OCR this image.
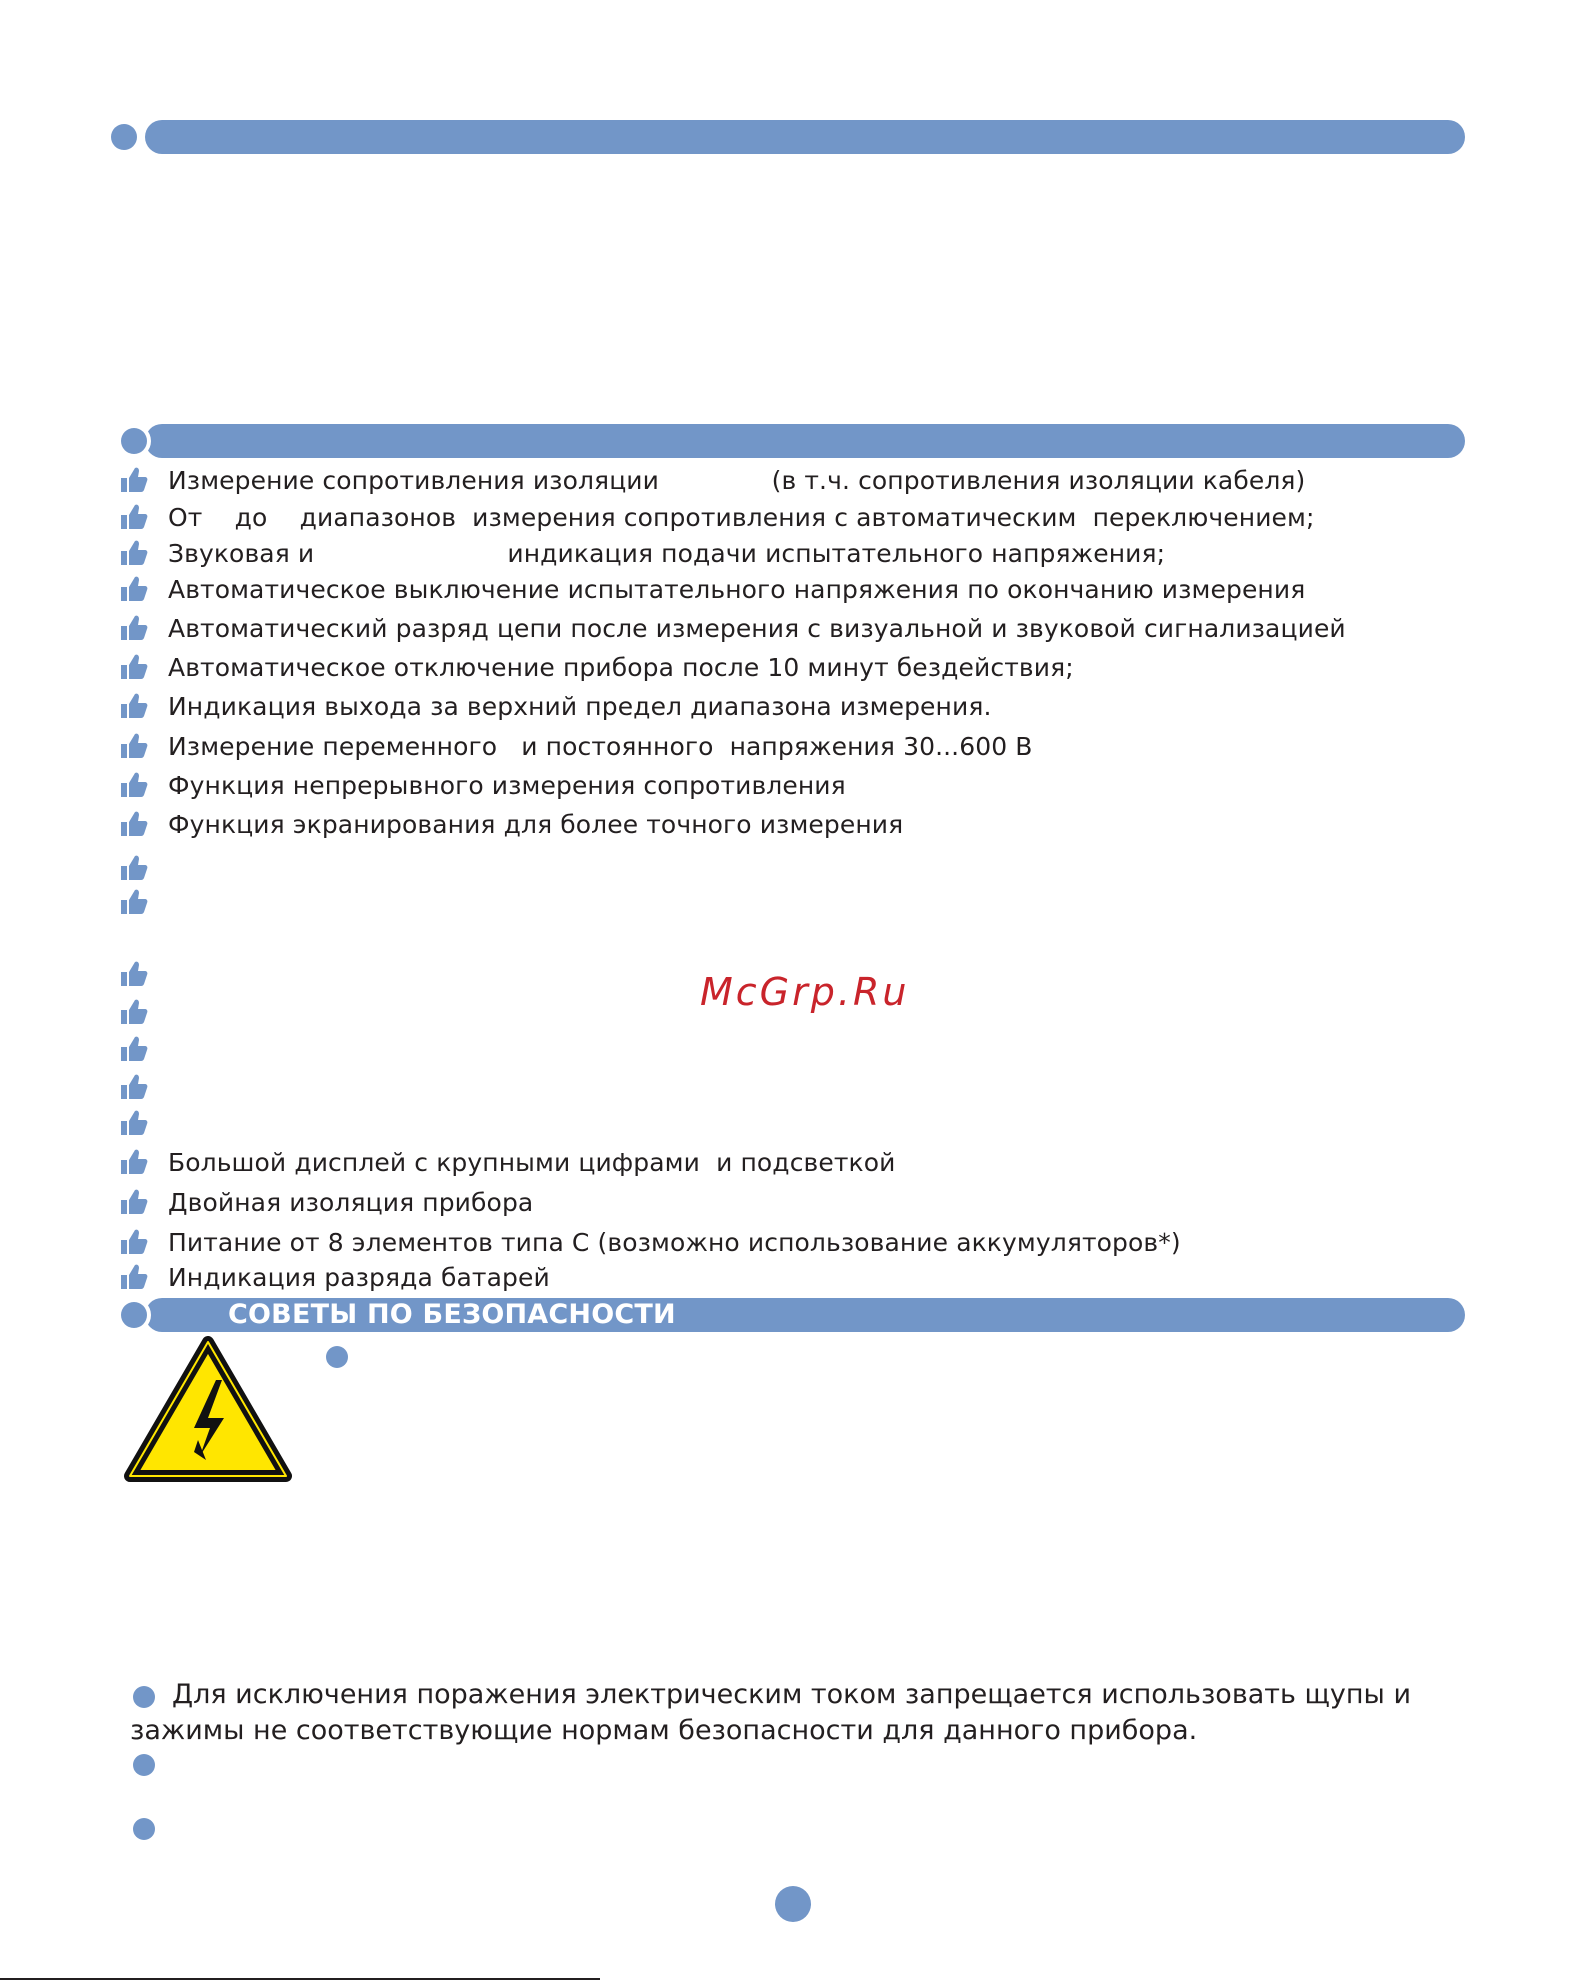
СОВЕТЫ ПО БЕЗОПАСНОСТИ
Измерение сопротивления изоляции              (в т.ч. сопротивления изоляции кабеля)
От    до    диапазонов  измерения сопротивления с автоматическим  переключением;
Звуковая и                        индикация подачи испытательного напряжения;
Автоматическое выключение испытательного напряжения по окончанию измерения
Автоматический разряд цепи после измерения с визуальной и звуковой сигнализацией
Автоматическое отключение прибора после 10 минут бездействия;
Индикация выхода за верхний предел диапазона измерения.
Измерение переменного   и постоянного  напряжения 30...600 В
Функция непрерывного измерения сопротивления
Функция экранирования для более точного измерения
Большой дисплей с крупными цифрами  и подсветкой
Двойная изоляция прибора
Питание от 8 элементов типа С (возможно использование аккумуляторов*)
Индикация разряда батарей
McGrp.Ru
Для исключения поражения электрическим током запрещается использовать щупы и зажимы не соответствующие нормам безопасности для данного прибора.
